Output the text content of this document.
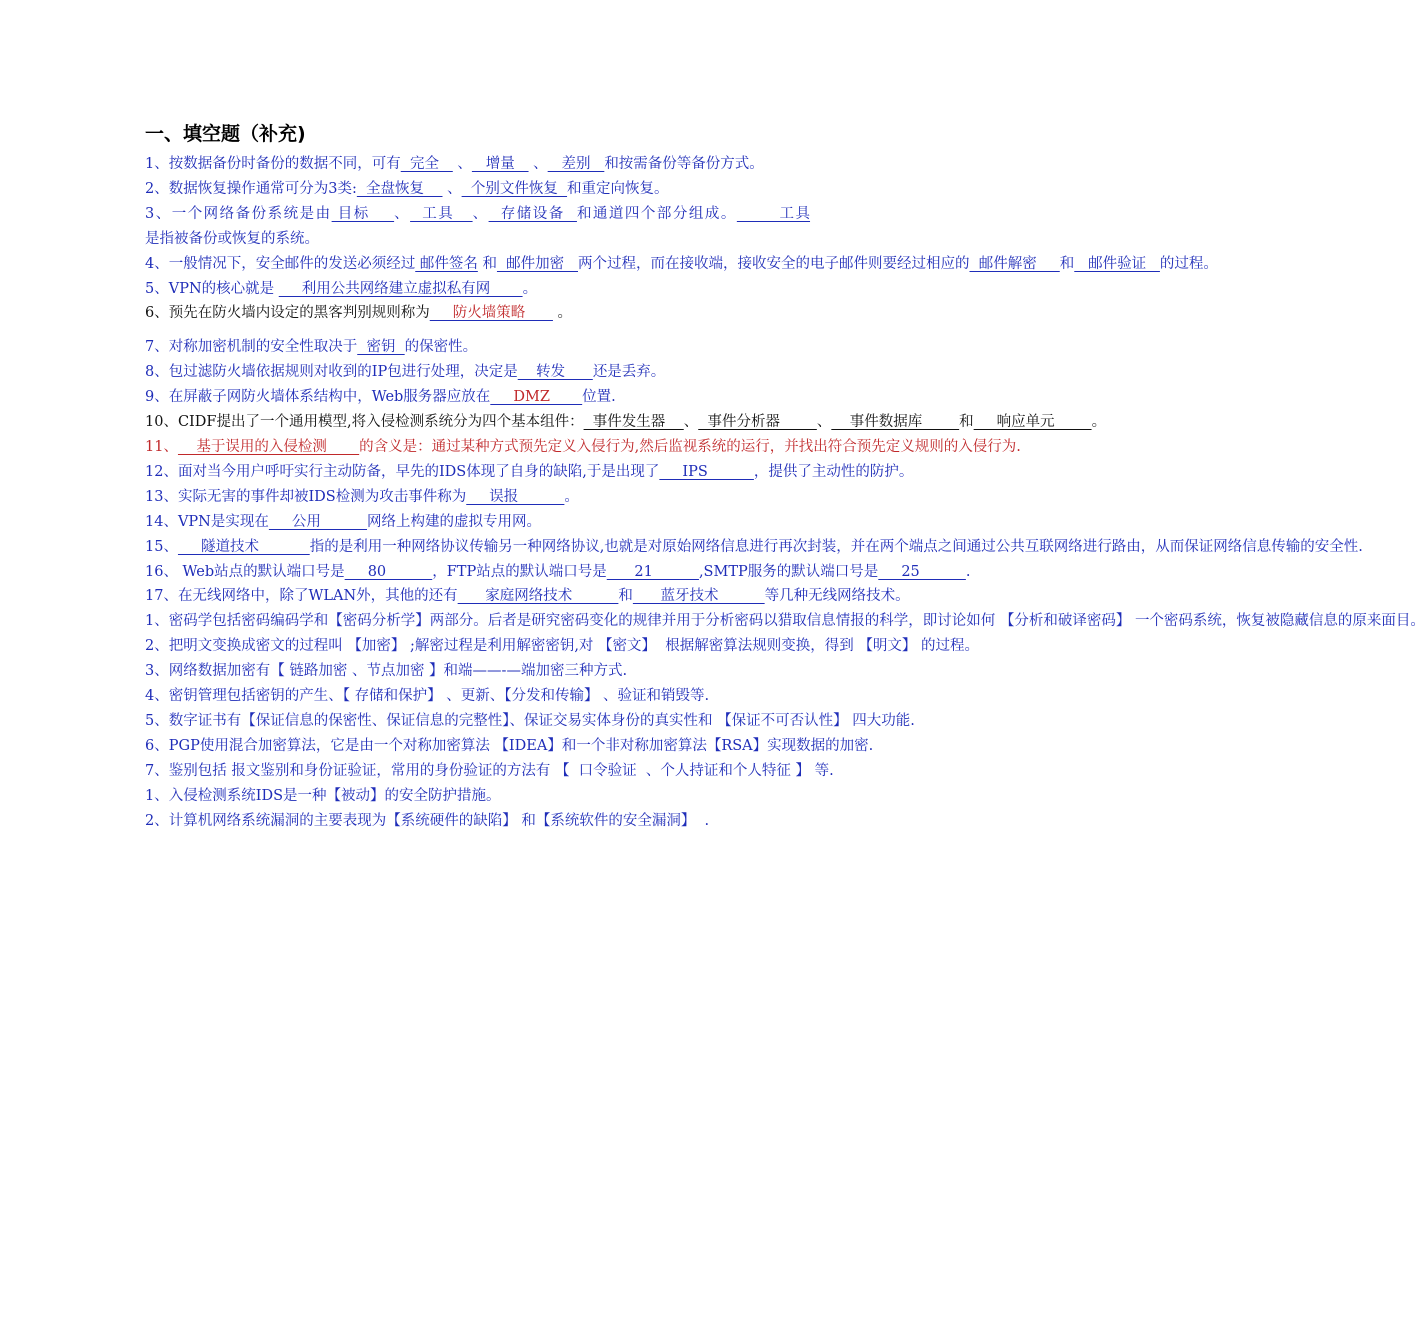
一、填空题（补充)

1、按数据备份时备份的数据不同，可有  完全    、   增量    、   差别   和按需备份等备份方式。

2、数据恢复操作通常可分为3类:  全盘恢复     、  个别文件恢复  和重定向恢复。

3、一个网络备份系统是由 目标    、  工具   、  存储设备  和通道四个部分组成。       工具是指被备份或恢复的系统。

4、一般情况下，安全邮件的发送必须经过 邮件签名 和  邮件加密   两个过程，而在接收端，接收安全的电子邮件则要经过相应的  邮件解密     和   邮件验证   的过程。

5、VPN的核心就是      利用公共网络建立虚拟私有网       。

6、预先在防火墙内设定的黑客判别规则称为     防火墙策略       。

7、对称加密机制的安全性取决于  密钥  的保密性。

8、包过滤防火墙依据规则对收到的IP包进行处理，决定是    转发      还是丢弃。

9、在屏蔽子网防火墙体系结构中，Web服务器应放在     DMZ       位置.

10、CIDF提出了一个通用模型,将入侵检测系统分为四个基本组件：  事件发生器    、  事件分析器        、    事件数据库        和     响应单元        。

11、    基于误用的入侵检测       的含义是：通过某种方式预先定义入侵行为,然后监视系统的运行，并找出符合预先定义规则的入侵行为.

12、面对当今用户呼吁实行主动防备，早先的IDS体现了自身的缺陷,于是出现了     IPS          ，提供了主动性的防护。

13、实际无害的事件却被IDS检测为攻击事件称为     误报          。

14、VPN是实现在     公用          网络上构建的虚拟专用网。

15、     隧道技术           指的是利用一种网络协议传输另一种网络协议,也就是对原始网络信息进行再次封装，并在两个端点之间通过公共互联网络进行路由，从而保证网络信息传输的安全性.

16、 Web站点的默认端口号是     80          ，FTP站点的默认端口号是      21          ,SMTP服务的默认端口号是     25          .

17、在无线网络中，除了WLAN外，其他的还有      家庭网络技术          和      蓝牙技术          等几种无线网络技术。

1、密码学包括密码编码学和【密码分析学】两部分。后者是研究密码变化的规律并用于分析密码以猎取信息情报的科学，即讨论如何 【分析和破译密码】 一个密码系统，恢复被隐藏信息的原来面目。

2、把明文变换成密文的过程叫 【加密】 ;解密过程是利用解密密钥,对 【密文】  根据解密算法规则变换，得到 【明文】 的过程。

3、网络数据加密有【 链路加密 、节点加密 】和端——-—端加密三种方式.

4、密钥管理包括密钥的产生、【 存储和保护】 、更新、【分发和传输】 、验证和销毁等.

5、数字证书有【保证信息的保密性、保证信息的完整性】、保证交易实体身份的真实性和 【保证不可否认性】 四大功能.

6、PGP使用混合加密算法，它是由一个对称加密算法 【IDEA】和一个非对称加密算法【RSA】实现数据的加密.

7、鉴别包括 报文鉴别和身份证验证，常用的身份验证的方法有 【  口令验证  、个人持证和个人特征 】 等.

1、入侵检测系统IDS是一种【被动】的安全防护措施。

2、计算机网络系统漏洞的主要表现为【系统硬件的缺陷】 和【系统软件的安全漏洞】  .
